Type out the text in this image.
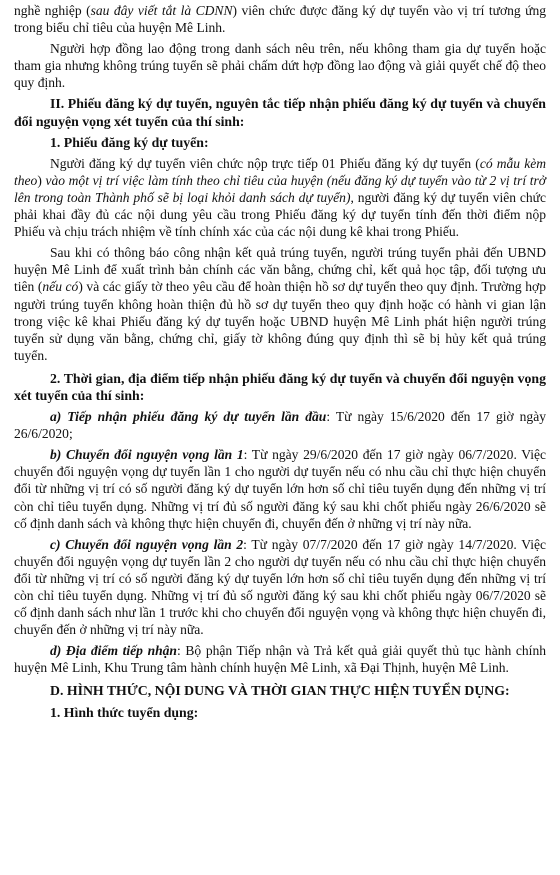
nghề nghiệp (sau đây viết tắt là CDNN) viên chức được đăng ký dự tuyển vào vị trí tương ứng trong biểu chỉ tiêu của huyện Mê Linh.

Người hợp đồng lao động trong danh sách nêu trên, nếu không tham gia dự tuyển hoặc tham gia nhưng không trúng tuyển sẽ phải chấm dứt hợp đồng lao động và giải quyết chế độ theo quy định.

II. Phiếu đăng ký dự tuyển, nguyên tắc tiếp nhận phiếu đăng ký dự tuyển và chuyển đổi nguyện vọng xét tuyển của thí sinh:

1. Phiếu đăng ký dự tuyển:

Người đăng ký dự tuyển viên chức nộp trực tiếp 01 Phiếu đăng ký dự tuyển (có mẫu kèm theo) vào một vị trí việc làm tính theo chỉ tiêu của huyện (nếu đăng ký dự tuyển vào từ 2 vị trí trở lên trong toàn Thành phố sẽ bị loại khỏi danh sách dự tuyển), người đăng ký dự tuyển viên chức phải khai đầy đủ các nội dung yêu cầu trong Phiếu đăng ký dự tuyển tính đến thời điểm nộp Phiếu và chịu trách nhiệm về tính chính xác của các nội dung kê khai trong Phiếu.

Sau khi có thông báo công nhận kết quả trúng tuyển, người trúng tuyển phải đến UBND huyện Mê Linh để xuất trình bản chính các văn bằng, chứng chỉ, kết quả học tập, đối tượng ưu tiên (nếu có) và các giấy tờ theo yêu cầu để hoàn thiện hồ sơ dự tuyển theo quy định. Trường hợp người trúng tuyển không hoàn thiện đủ hồ sơ dự tuyển theo quy định hoặc có hành vi gian lận trong việc kê khai Phiếu đăng ký dự tuyển hoặc UBND huyện Mê Linh phát hiện người trúng tuyển sử dụng văn bằng, chứng chỉ, giấy tờ không đúng quy định thì sẽ bị hủy kết quả trúng tuyển.

2. Thời gian, địa điểm tiếp nhận phiếu đăng ký dự tuyển và chuyển đổi nguyện vọng xét tuyển của thí sinh:

a) Tiếp nhận phiếu đăng ký dự tuyển lần đầu: Từ ngày 15/6/2020 đến 17 giờ ngày 26/6/2020;

b) Chuyển đổi nguyện vọng lần 1: Từ ngày 29/6/2020 đến 17 giờ ngày 06/7/2020. Việc chuyển đổi nguyện vọng dự tuyển lần 1 cho người dự tuyển nếu có nhu cầu chỉ thực hiện chuyển đổi từ những vị trí có số người đăng ký dự tuyển lớn hơn số chỉ tiêu tuyển dụng đến những vị trí còn chỉ tiêu tuyển dụng. Những vị trí đủ số người đăng ký sau khi chốt phiếu ngày 26/6/2020 sẽ cố định danh sách và không thực hiện chuyển đi, chuyển đến ở những vị trí này nữa.

c) Chuyển đổi nguyện vọng lần 2: Từ ngày 07/7/2020 đến 17 giờ ngày 14/7/2020. Việc chuyển đổi nguyện vọng dự tuyển lần 2 cho người dự tuyển nếu có nhu cầu chỉ thực hiện chuyển đổi từ những vị trí có số người đăng ký dự tuyển lớn hơn số chỉ tiêu tuyển dụng đến những vị trí còn chỉ tiêu tuyển dụng. Những vị trí đủ số người đăng ký sau khi chốt phiếu ngày 06/7/2020 sẽ cố định danh sách như lần 1 trước khi cho chuyển đổi nguyện vọng và không thực hiện chuyển đi, chuyển đến ở những vị trí này nữa.

d) Địa điểm tiếp nhận: Bộ phận Tiếp nhận và Trả kết quả giải quyết thủ tục hành chính huyện Mê Linh, Khu Trung tâm hành chính huyện Mê Linh, xã Đại Thịnh, huyện Mê Linh.

D. HÌNH THỨC, NỘI DUNG VÀ THỜI GIAN THỰC HIỆN TUYỂN DỤNG:

1. Hình thức tuyển dụng:
